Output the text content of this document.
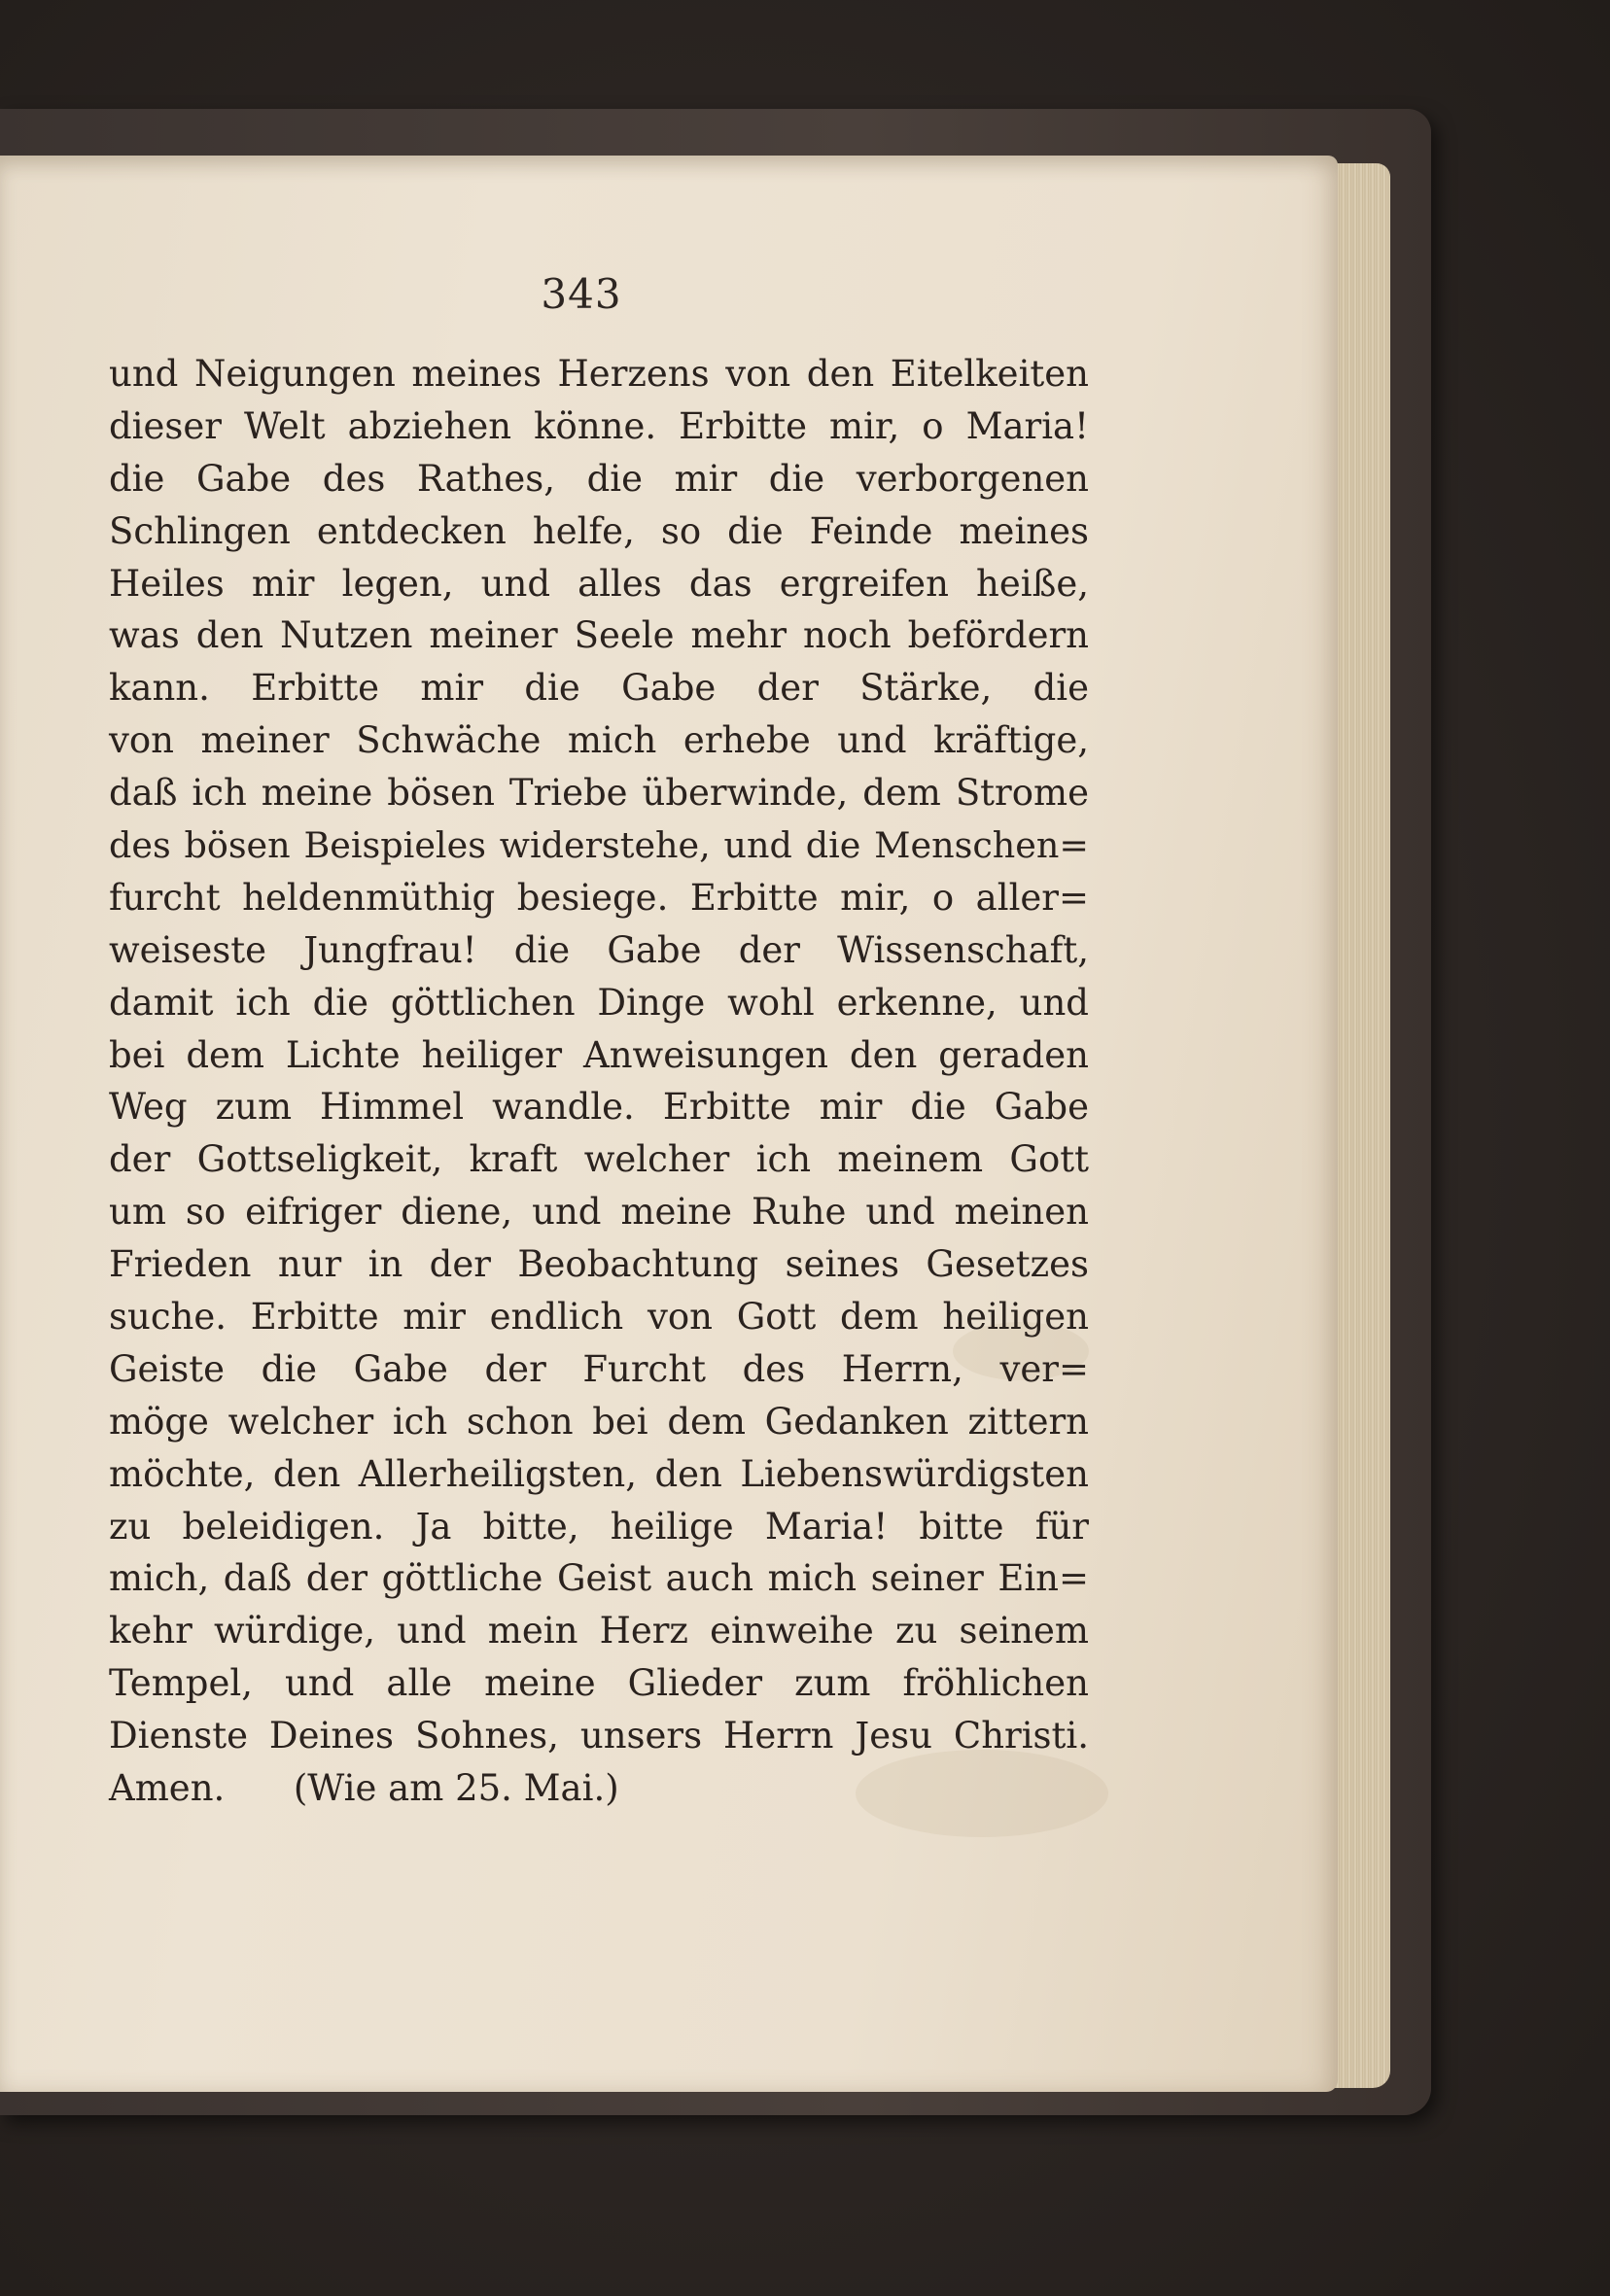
343
und Neigungen meines Herzens von den Eitelkeiten
dieser Welt abziehen könne. Erbitte mir, o Maria!
die Gabe des Rathes, die mir die verborgenen
Schlingen entdecken helfe, so die Feinde meines
Heiles mir legen, und alles das ergreifen heiße,
was den Nutzen meiner Seele mehr noch befördern
kann. Erbitte mir die Gabe der Stärke, die
von meiner Schwäche mich erhebe und kräftige,
daß ich meine bösen Triebe überwinde, dem Strome
des bösen Beispieles widerstehe, und die Menschen=
furcht heldenmüthig besiege. Erbitte mir, o aller=
weiseste Jungfrau! die Gabe der Wissenschaft,
damit ich die göttlichen Dinge wohl erkenne, und
bei dem Lichte heiliger Anweisungen den geraden
Weg zum Himmel wandle. Erbitte mir die Gabe
der Gottseligkeit, kraft welcher ich meinem Gott
um so eifriger diene, und meine Ruhe und meinen
Frieden nur in der Beobachtung seines Gesetzes
suche. Erbitte mir endlich von Gott dem heiligen
Geiste die Gabe der Furcht des Herrn, ver=
möge welcher ich schon bei dem Gedanken zittern
möchte, den Allerheiligsten, den Liebenswürdigsten
zu beleidigen. Ja bitte, heilige Maria! bitte für
mich, daß der göttliche Geist auch mich seiner Ein=
kehr würdige, und mein Herz einweihe zu seinem
Tempel, und alle meine Glieder zum fröhlichen
Dienste Deines Sohnes, unsers Herrn Jesu Christi.
Amen.      (Wie am 25. Mai.)
